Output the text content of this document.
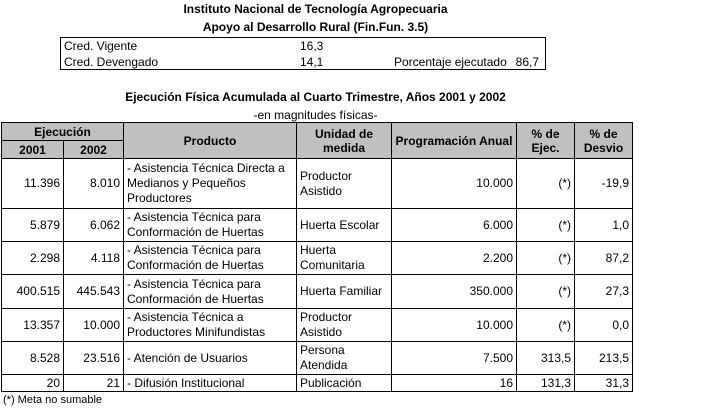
Instituto Nacional de Tecnología Agropecuaria
Apoyo al Desarrollo Rural (Fin.Fun. 3.5)
Cred. Vigente	16,3
Cred. Devengado	14,1	Porcentaje ejecutado 86,7
Ejecución Física Acumulada al Cuarto Trimestre, Años 2001 y 2002
-en magnitudes físicas-
Ejecución		Producto	Unidad de medida	Programación Anual	% de Ejec.	% de Desvio
2001	2002					
11.396	8.010	- Asistencia Técnica Directa a Medianos y Pequeños Productores	Productor Asistido	10.000	(*)	-19,9
5.879	6.062	- Asistencia Técnica para Conformación de Huertas	Huerta Escolar	6.000	(*)	1,0
2.298	4.118	- Asistencia Técnica para Conformación de Huertas	Huerta Comunitaria	2.200	(*)	87,2
400.515	445.543	- Asistencia Técnica para Conformación de Huertas	Huerta Familiar	350.000	(*)	27,3
13.357	10.000	- Asistencia Técnica a Productores Minifundistas	Productor Asistido	10.000	(*)	0,0
8.528	23.516	- Atención de Usuarios	Persona Atendida	7.500	313,5	213,5
20	21	- Difusión Institucional	Publicación	16	131,3	31,3
(*) Meta no sumable
